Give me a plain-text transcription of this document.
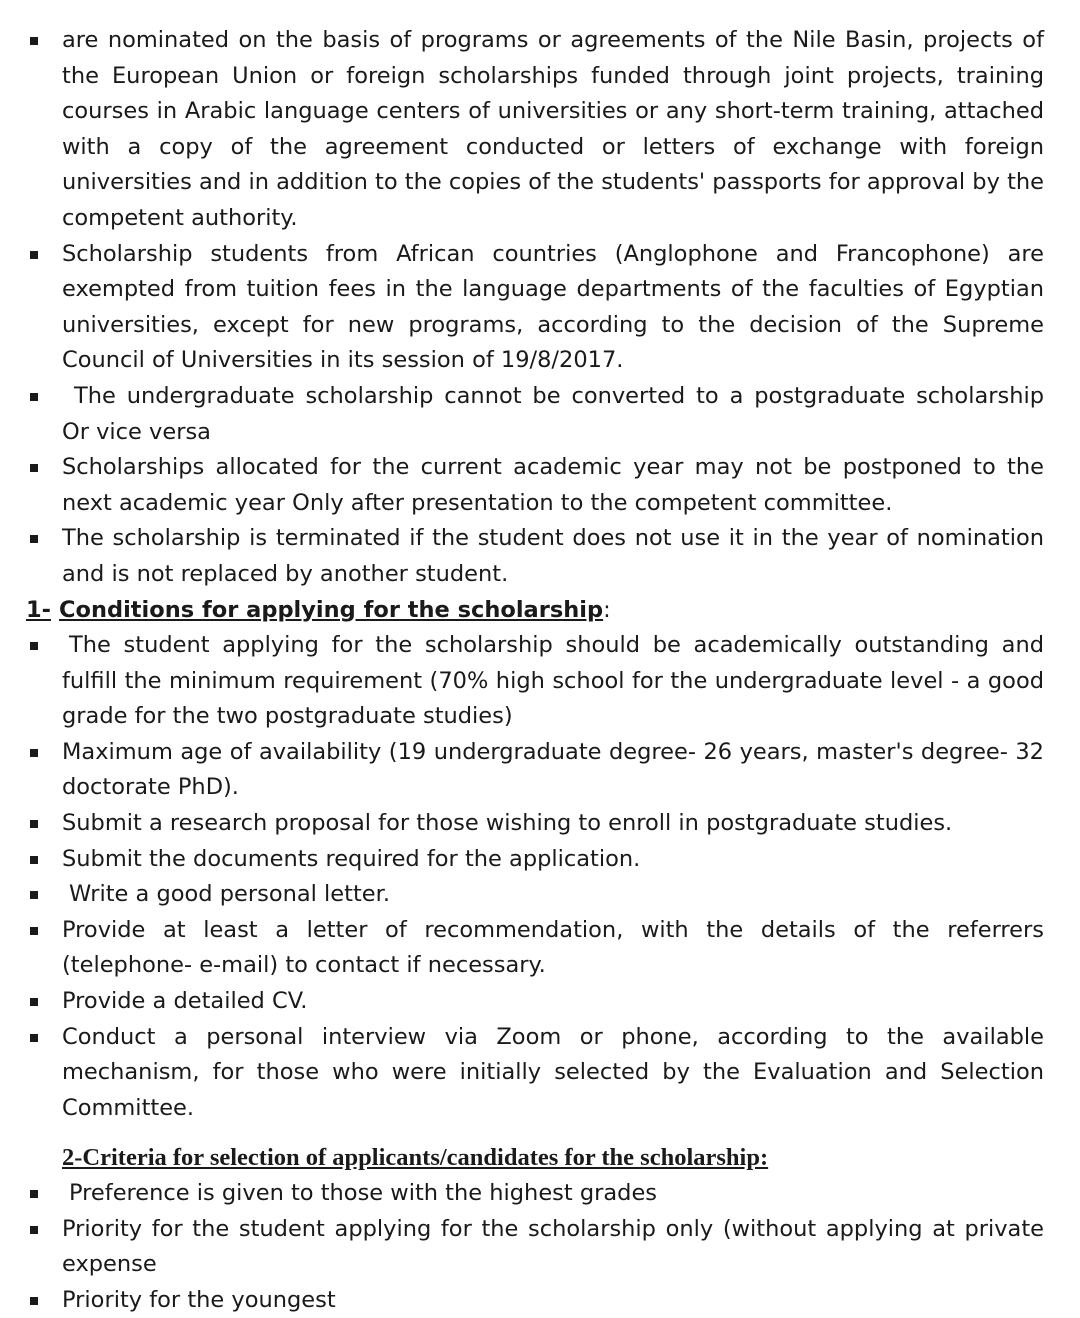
are nominated on the basis of programs or agreements of the Nile Basin, projects of the European Union or foreign scholarships funded through joint projects, training courses in Arabic language centers of universities or any short-term training, attached with a copy of the agreement conducted or letters of exchange with foreign universities and in addition to the copies of the students' passports for approval by the competent authority.
Scholarship students from African countries (Anglophone and Francophone) are exempted from tuition fees in the language departments of the faculties of Egyptian universities, except for new programs, according to the decision of the Supreme Council of Universities in its session of 19/8/2017.
The undergraduate scholarship cannot be converted to a postgraduate scholarship Or vice versa
Scholarships allocated for the current academic year may not be postponed to the next academic year Only after presentation to the competent committee.
The scholarship is terminated if the student does not use it in the year of nomination and is not replaced by another student.
1- Conditions for applying for the scholarship:
The student applying for the scholarship should be academically outstanding and fulfill the minimum requirement (70% high school for the undergraduate level - a good grade for the two postgraduate studies)
Maximum age of availability (19 undergraduate degree- 26 years, master's degree- 32 doctorate PhD).
Submit a research proposal for those wishing to enroll in postgraduate studies.
Submit the documents required for the application.
Write a good personal letter.
Provide at least a letter of recommendation, with the details of the referrers (telephone- e-mail) to contact if necessary.
Provide a detailed CV.
Conduct a personal interview via Zoom or phone, according to the available mechanism, for those who were initially selected by the Evaluation and Selection Committee.
2-Criteria for selection of applicants/candidates for the scholarship:
Preference is given to those with the highest grades
Priority for the student applying for the scholarship only (without applying at private expense
Priority for the youngest
